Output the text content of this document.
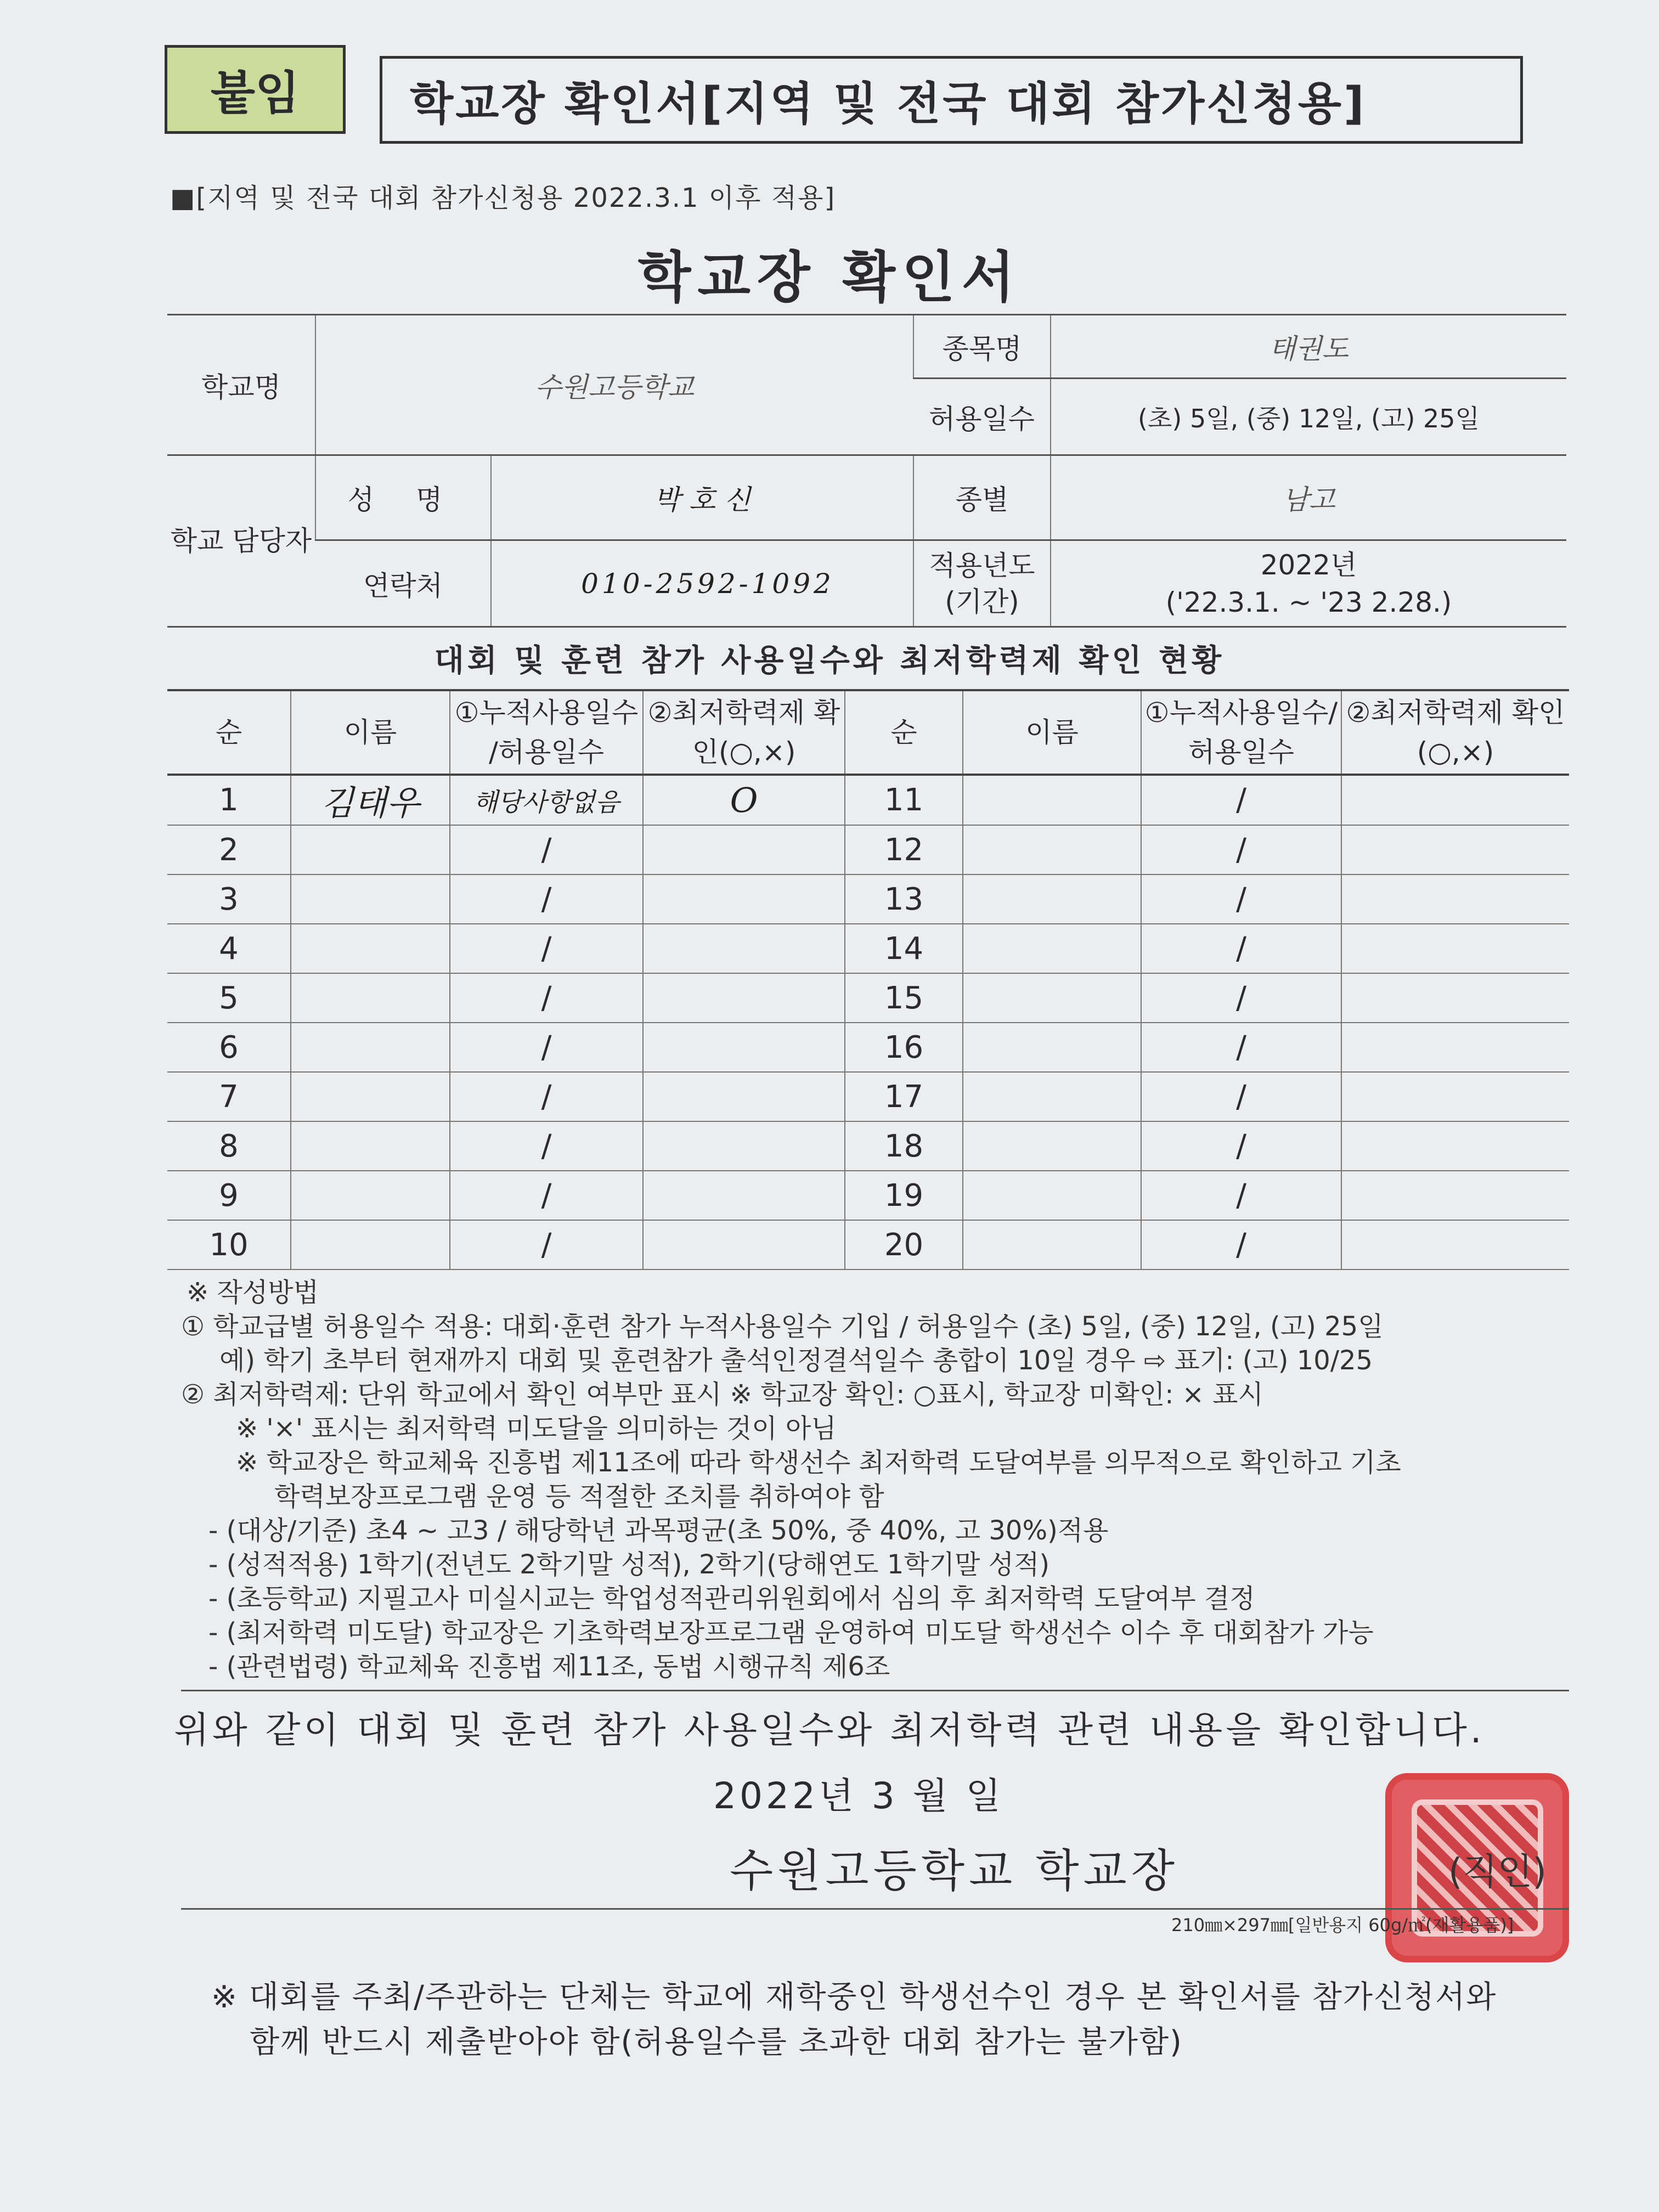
붙임	학교장 확인서[지역 및 전국 대회 참가신청용]
■[지역 및 전국 대회 참가신청용 2022.3.1 이후 적용]
학교장 확인서
학교명	수원고등학교		종목명	태권도
			허용일수	(초) 5일, (중) 12일, (고) 25일
학교 담당자	성 명	박 호 신	종별	남고
	연락처	010-2592-1092	적용년도 (기간)	2022년
('22.3.1. ~ '23 2.28.)
대회 및 훈련 참가 사용일수와 최저학력제 확인 현황
순	이름	①누적사용일수 /허용일수	②최저학력제 확인(○,×)	순	이름	①누적사용일수/ 허용일수	②최저학력제 확인(○,×)
1	김태우	해당사항없음	O	11		/	
2		/		12		/	
3		/		13		/	
4		/		14		/	
5		/		15		/	
6		/		16		/	
7		/		17		/	
8		/		18		/	
9		/		19		/	
10		/		20		/	
※ 작성방법
① 학교급별 허용일수 적용: 대회·훈련 참가 누적사용일수 기입 / 허용일수 (초) 5일, (중) 12일, (고) 25일
예) 학기 초부터 현재까지 대회 및 훈련참가 출석인정결석일수 총합이 10일 경우 ⇨ 표기: (고) 10/25
② 최저학력제: 단위 학교에서 확인 여부만 표시 ※ 학교장 확인: ○표시, 학교장 미확인: × 표시
※ '×' 표시는 최저학력 미도달을 의미하는 것이 아님
※ 학교장은 학교체육 진흥법 제11조에 따라 학생선수 최저학력 도달여부를 의무적으로 확인하고 기초
학력보장프로그램 운영 등 적절한 조치를 취하여야 함
- (대상/기준) 초4 ~ 고3 / 해당학년 과목평균(초 50%, 중 40%, 고 30%)적용
- (성적적용) 1학기(전년도 2학기말 성적), 2학기(당해연도 1학기말 성적)
- (초등학교) 지필고사 미실시교는 학업성적관리위원회에서 심의 후 최저학력 도달여부 결정
- (최저학력 미도달) 학교장은 기초학력보장프로그램 운영하여 미도달 학생선수 이수 후 대회참가 가능
- (관련법령) 학교체육 진흥법 제11조, 동법 시행규칙 제6조
위와 같이 대회 및 훈련 참가 사용일수와 최저학력 관련 내용을 확인합니다.
2022년 3 월 일
수원고등학교 학교장	(직인)
210㎜×297㎜[일반용지 60g/㎡(재활용품)]
※ 대회를 주최/주관하는 단체는 학교에 재학중인 학생선수인 경우 본 확인서를 참가신청서와
함께 반드시 제출받아야 함(허용일수를 초과한 대회 참가는 불가함)
